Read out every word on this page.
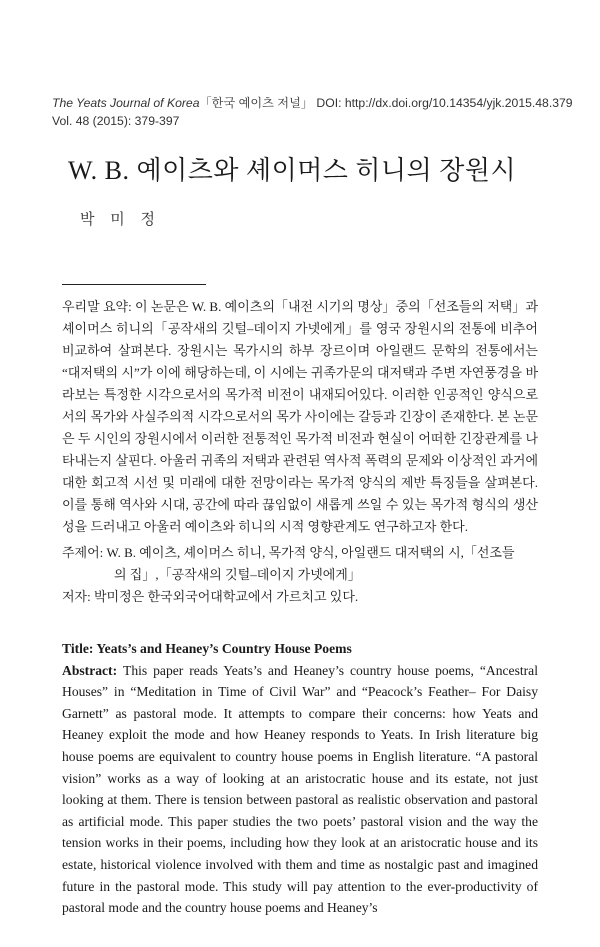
The Yeats Journal of Korea「한국 예이츠 저널」 DOI: http://dx.doi.org/10.14354/yjk.2015.48.379
Vol. 48 (2015): 379-397
W. B. 예이츠와 셰이머스 히니의 장원시
박 미 정

우리말 요약: 이 논문은 W. B. 예이츠의「내전 시기의 명상」중의「선조들의 저택」과 셰이머스 히니의「공작새의 깃털–데이지 가넷에게」를 영국 장원시의 전통에 비추어 비교하여 살펴본다. 장원시는 목가시의 하부 장르이며 아일랜드 문학의 전통에서는 “대저택의 시”가 이에 해당하는데, 이 시에는 귀족가문의 대저택과 주변 자연풍경을 바라보는 특정한 시각으로서의 목가적 비전이 내재되어있다. 이러한 인공적인 양식으로서의 목가와 사실주의적 시각으로서의 목가 사이에는 갈등과 긴장이 존재한다. 본 논문은 두 시인의 장원시에서 이러한 전통적인 목가적 비전과 현실이 어떠한 긴장관계를 나타내는지 살핀다. 아울러 귀족의 저택과 관련된 역사적 폭력의 문제와 이상적인 과거에 대한 회고적 시선 및 미래에 대한 전망이라는 목가적 양식의 제반 특징들을 살펴본다. 이를 통해 역사와 시대, 공간에 따라 끊임없이 새롭게 쓰일 수 있는 목가적 형식의 생산성을 드러내고 아울러 예이츠와 히니의 시적 영향관계도 연구하고자 한다.

주제어: W. B. 예이츠, 셰이머스 히니, 목가적 양식, 아일랜드 대저택의 시,「선조들
의 집」,「공작새의 깃털–데이지 가넷에게」
저자: 박미정은 한국외국어대학교에서 가르치고 있다.

Title: Yeats’s and Heaney’s Country House Poems

Abstract: This paper reads Yeats’s and Heaney’s country house poems, “Ancestral Houses” in “Meditation in Time of Civil War” and “Peacock’s Feather– For Daisy Garnett” as pastoral mode. It attempts to compare their concerns: how Yeats and Heaney exploit the mode and how Heaney responds to Yeats. In Irish literature big house poems are equivalent to country house poems in English literature. “A pastoral vision” works as a way of looking at an aristocratic house and its estate, not just looking at them. There is tension between pastoral as realistic observation and pastoral as artificial mode. This paper studies the two poets’ pastoral vision and the way the tension works in their poems, including how they look at an aristocratic house and its estate, historical violence involved with them and time as nostalgic past and imagined future in the pastoral mode. This study will pay attention to the ever-productivity of pastoral mode and the country house poems and Heaney’s
